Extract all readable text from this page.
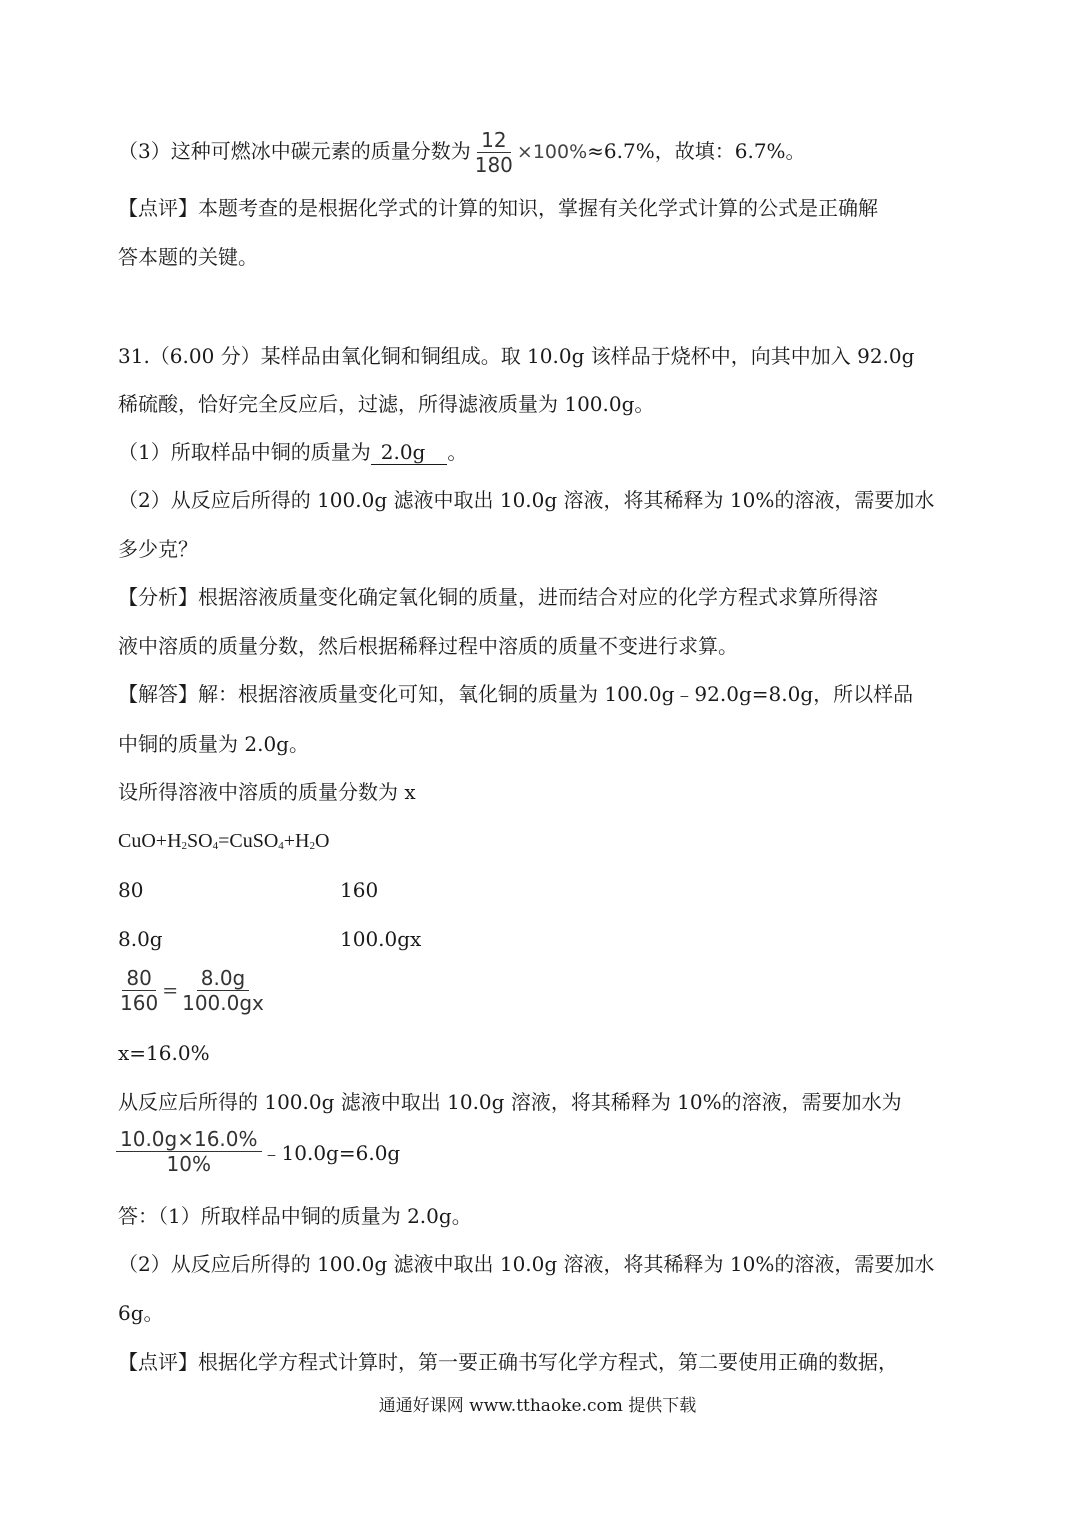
（3）这种可燃冰中碳元素的质量分数为 $\frac{12}{180} \times 100\%\approx 6.7\%$，故填：6.7%。
【点评】本题考查的是根据化学式的计算的知识，掌握有关化学式计算的公式是正确解
答本题的关键。
31.（6.00 分）某样品由氧化铜和铜组成。取 10.0g 该样品于烧杯中，向其中加入 92.0g
稀硫酸，恰好完全反应后，过滤，所得滤液质量为 100.0g。
（1）所取样品中铜的质量为 2.0g 。
（2）从反应后所得的 100.0g 滤液中取出 10.0g 溶液，将其稀释为 10%的溶液，需要加水
多少克？
【分析】根据溶液质量变化确定氧化铜的质量，进而结合对应的化学方程式求算所得溶
液中溶质的质量分数，然后根据稀释过程中溶质的质量不变进行求算。
【解答】解：根据溶液质量变化可知，氧化铜的质量为 100.0g﹣92.0g=8.0g，所以样品
中铜的质量为 2.0g。
设所得溶液中溶质的质量分数为 x
$CuO+H_2SO_4=CuSO_4+H_2O$
80	160
8.0g	100.0gx
$\frac{80}{160} = \frac{8.0g}{100.0gx}$
x=16.0%
从反应后所得的 100.0g 滤液中取出 10.0g 溶液，将其稀释为 10%的溶液，需要加水为
$\frac{10.0g\times 16.0\%}{10\%}$ ﹣10.0g=6.0g
答：（1）所取样品中铜的质量为 2.0g。
（2）从反应后所得的 100.0g 滤液中取出 10.0g 溶液，将其稀释为 10%的溶液，需要加水
6g。
【点评】根据化学方程式计算时，第一要正确书写化学方程式，第二要使用正确的数据，
通通好课网 www.tthaoke.com 提供下载
